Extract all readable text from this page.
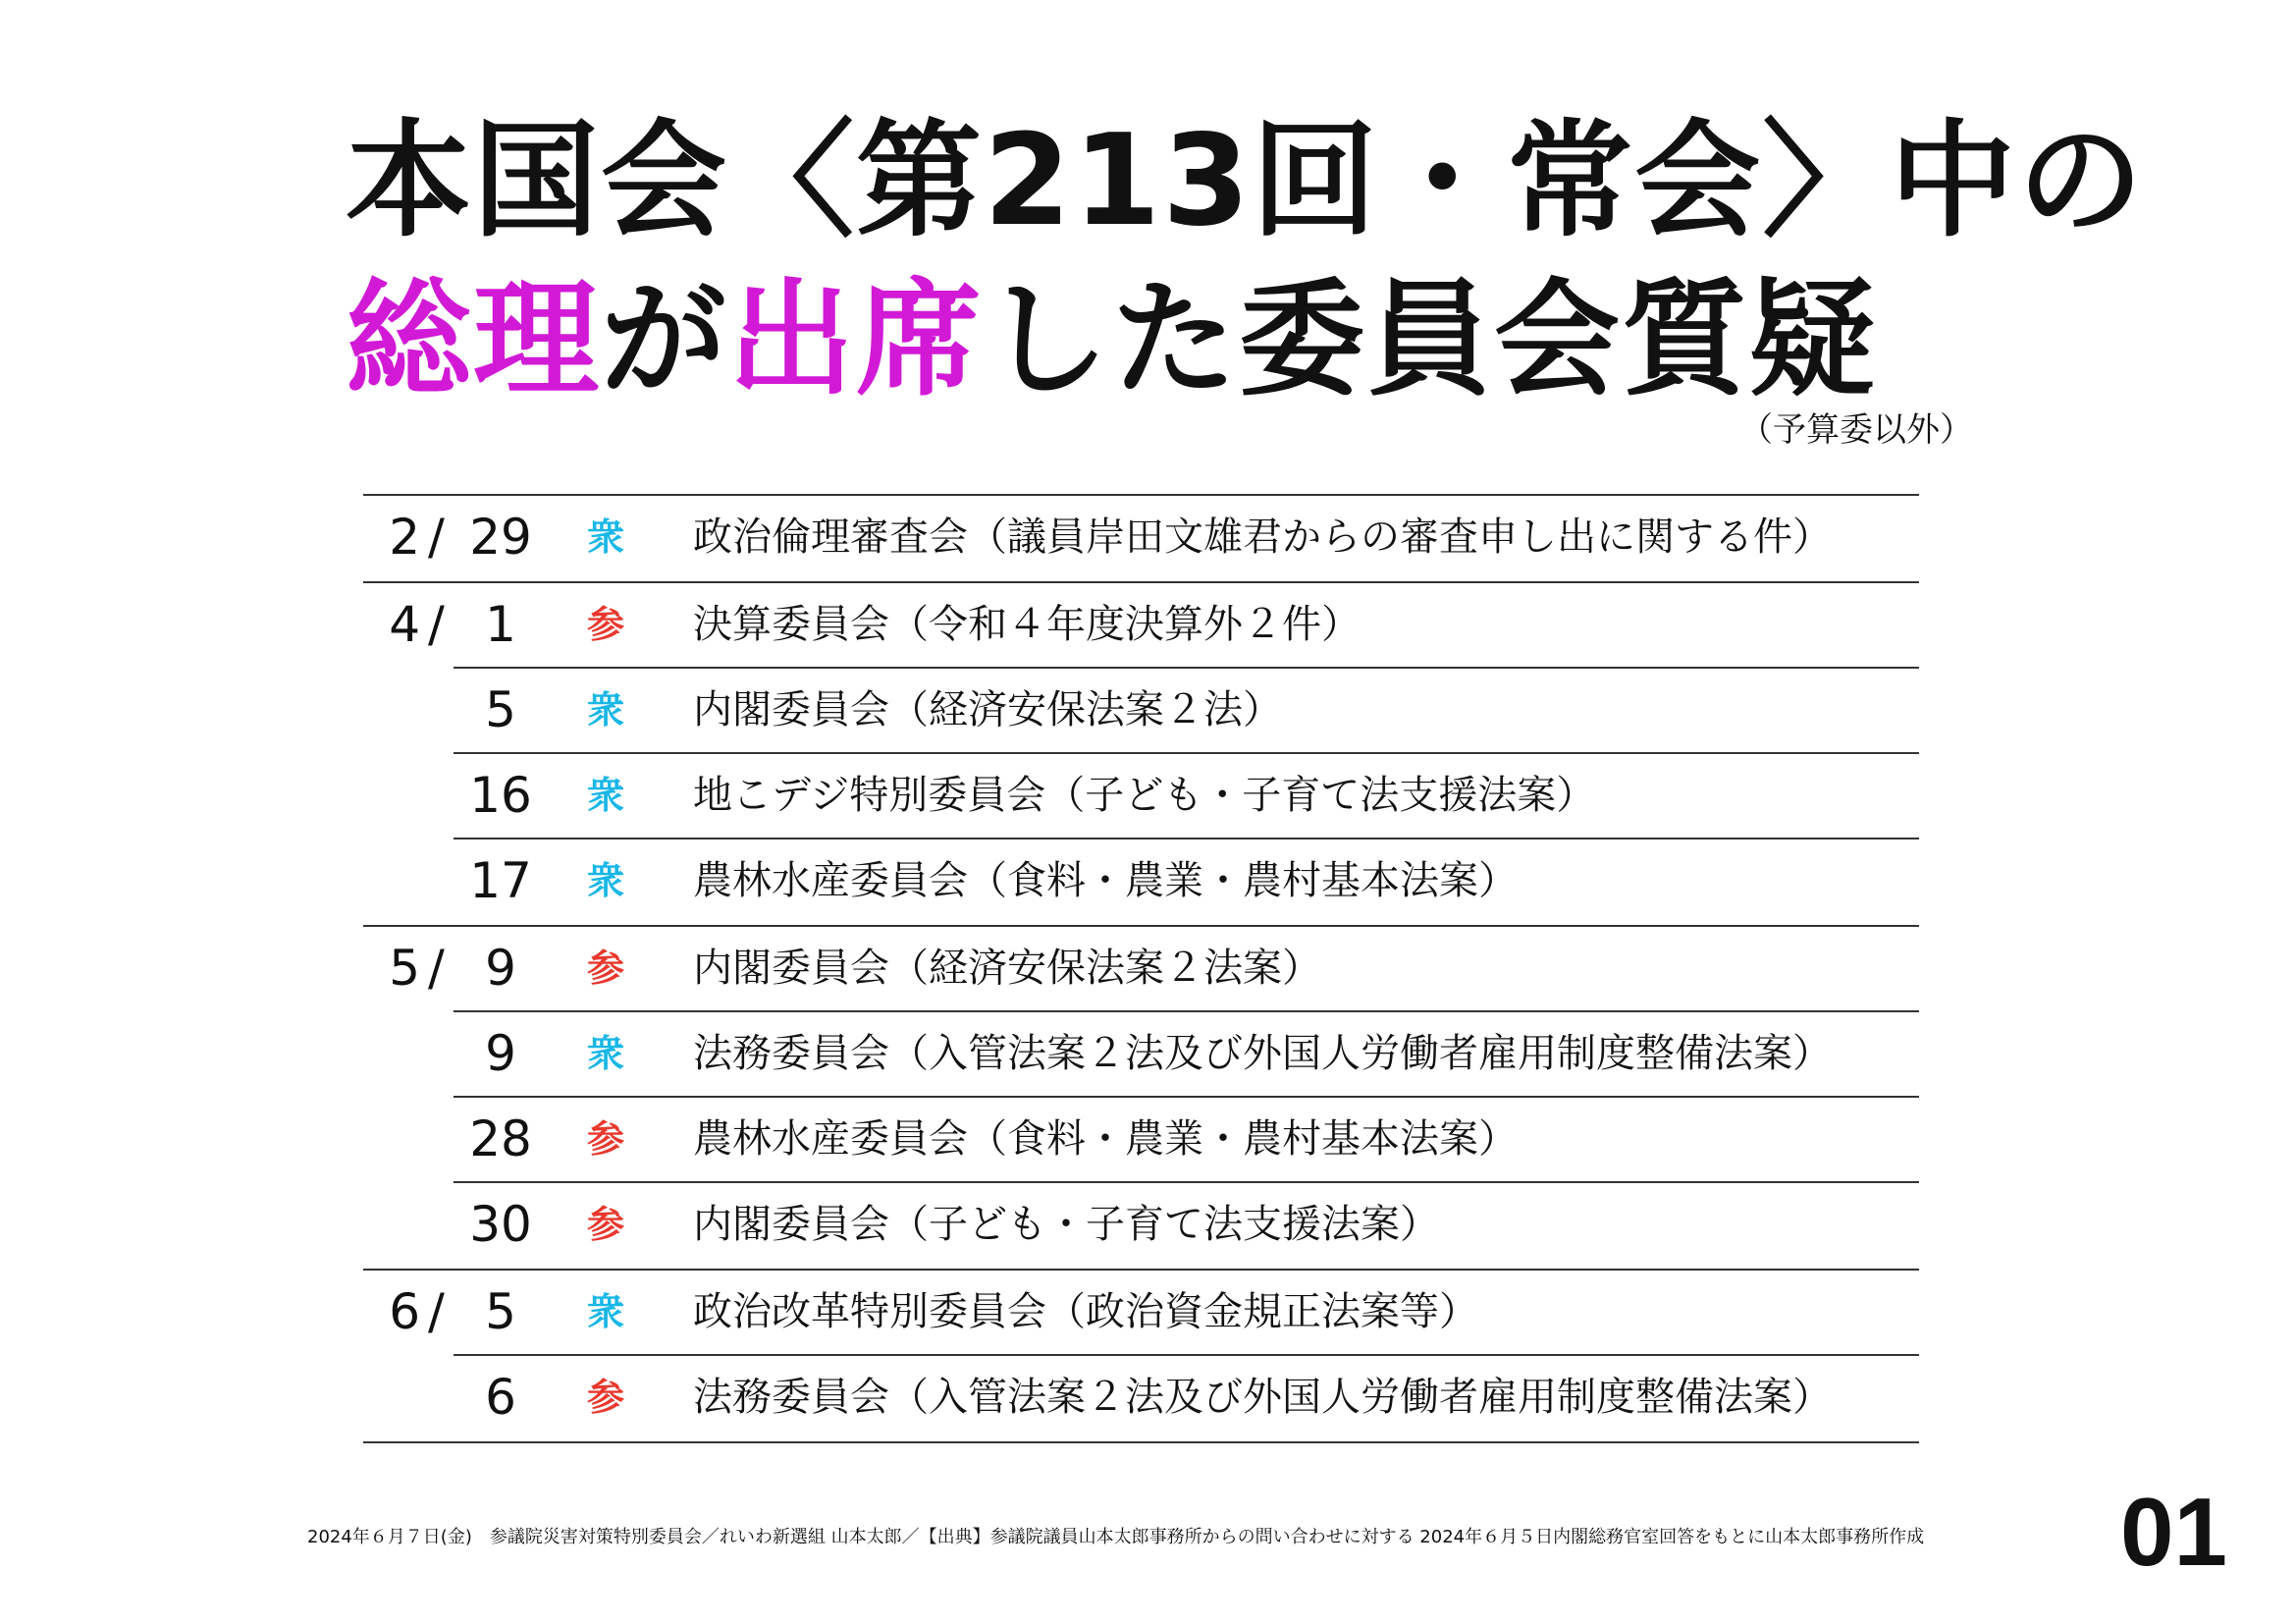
本国会〈第213回・常会〉中の
総理が出席した委員会質疑
（予算委以外）
2 / 29 衆 政治倫理審査会（議員岸田文雄君からの審査申し出に関する件）
4 / 1	参 決算委員会（令和４年度決算外２件）
5	衆 内閣委員会（経済安保法案２法）
16 衆 地こデジ特別委員会（子ども・子育て法支援法案）
17 衆 農林水産委員会（食料・農業・農村基本法案）
5 / 9	参 内閣委員会（経済安保法案２法案）
9	衆 法務委員会（入管法案２法及び外国人労働者雇用制度整備法案）
28 参 農林水産委員会（食料・農業・農村基本法案）
30 参 内閣委員会（子ども・子育て法支援法案）
6 / 5	衆 政治改革特別委員会（政治資金規正法案等）
6	参 法務委員会（入管法案２法及び外国人労働者雇用制度整備法案）
2024年６月７日(金)　参議院災害対策特別委員会／れいわ新選組 山本太郎／【出典】参議院議員山本太郎事務所からの問い合わせに対する 2024年６月５日内閣総務官室回答をもとに山本太郎事務所作成 01
